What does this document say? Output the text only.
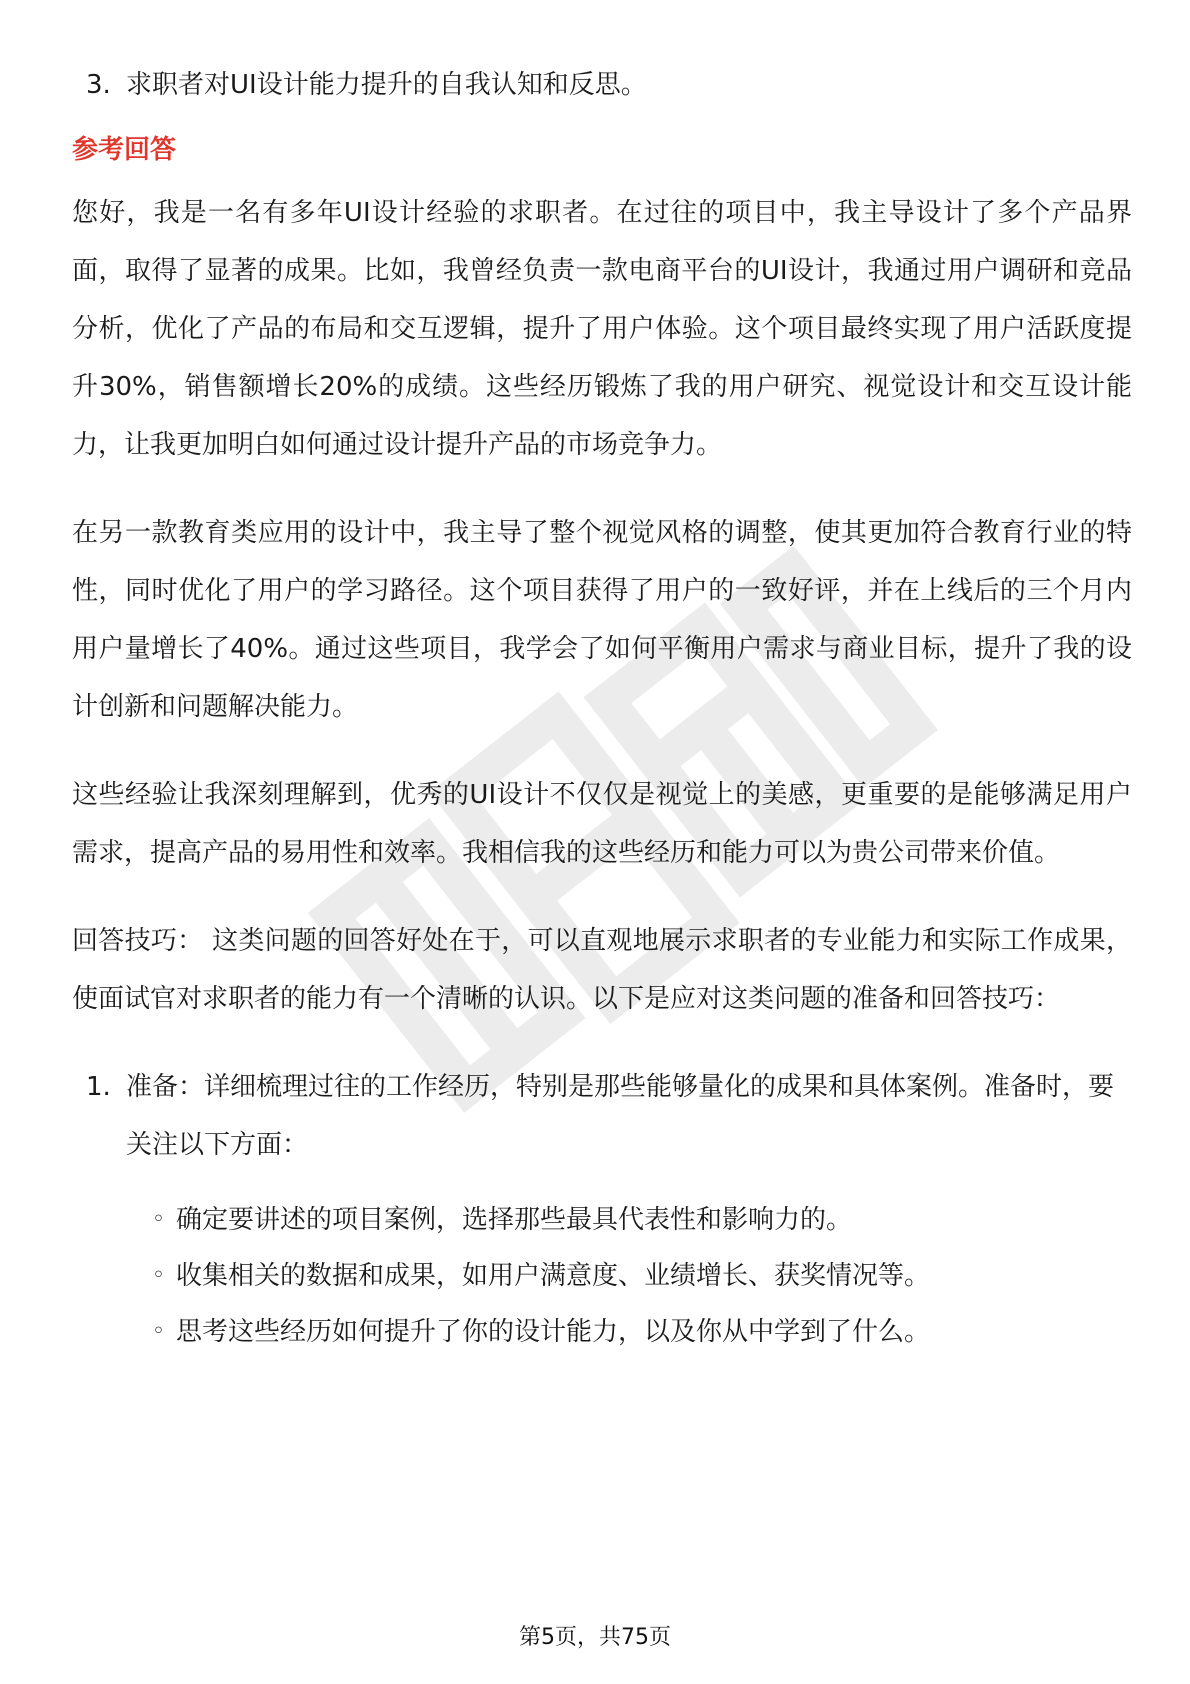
3. 求职者对UI设计能力提升的自我认知和反思。
参考回答

您好，我是一名有多年UI设计经验的求职者。在过往的项目中，我主导设计了多个产品界面，取得了显著的成果。比如，我曾经负责一款电商平台的UI设计，我通过用户调研和竞品分析，优化了产品的布局和交互逻辑，提升了用户体验。这个项目最终实现了用户活跃度提升30%，销售额增长20%的成绩。这些经历锻炼了我的用户研究、视觉设计和交互设计能力，让我更加明白如何通过设计提升产品的市场竞争力。

在另一款教育类应用的设计中，我主导了整个视觉风格的调整，使其更加符合教育行业的特性，同时优化了用户的学习路径。这个项目获得了用户的一致好评，并在上线后的三个月内用户量增长了40%。通过这些项目，我学会了如何平衡用户需求与商业目标，提升了我的设计创新和问题解决能力。

这些经验让我深刻理解到，优秀的UI设计不仅仅是视觉上的美感，更重要的是能够满足用户需求，提高产品的易用性和效率。我相信我的这些经历和能力可以为贵公司带来价值。

回答技巧： 这类问题的回答好处在于，可以直观地展示求职者的专业能力和实际工作成果，使面试官对求职者的能力有一个清晰的认识。以下是应对这类问题的准备和回答技巧：

1. 准备：详细梳理过往的工作经历，特别是那些能够量化的成果和具体案例。准备时，要关注以下方面：
◦ 确定要讲述的项目案例，选择那些最具代表性和影响力的。
◦ 收集相关的数据和成果，如用户满意度、业绩增长、获奖情况等。
◦ 思考这些经历如何提升了你的设计能力，以及你从中学到了什么。
第5页，共75页
